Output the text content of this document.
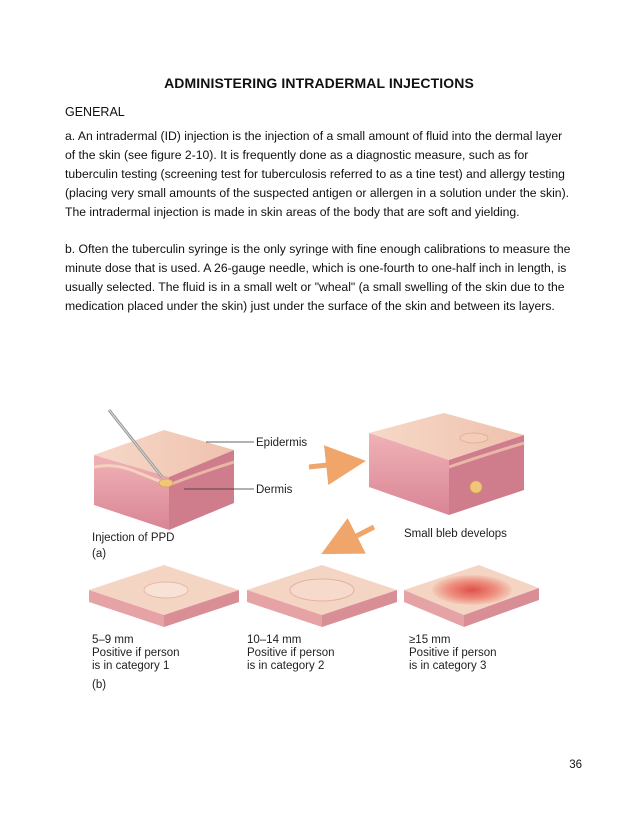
ADMINISTERING INTRADERMAL INJECTIONS
GENERAL

a. An intradermal (ID) injection is the injection of a small amount of fluid into the dermal layer of the skin (see figure 2-10). It is frequently done as a diagnostic measure, such as for tuberculin testing (screening test for tuberculosis referred to as a tine test) and allergy testing (placing very small amounts of the suspected antigen or allergen in a solution under the skin). The intradermal injection is made in skin areas of the body that are soft and yielding.

b. Often the tuberculin syringe is the only syringe with fine enough calibrations to measure the minute dose that is used. A 26-gauge needle, which is one-fourth to one-half inch in length, is usually selected. The fluid is in a small welt or "wheal" (a small swelling of the skin due to the medication placed under the skin) just under the surface of the skin and between its layers.

Epidermis
Dermis
Injection of PPD
(a)
Small bleb develops
5–9 mm
Positive if person
is in category 1
10–14 mm
Positive if person
is in category 2
≥15 mm
Positive if person
is in category 3
(b)
36
